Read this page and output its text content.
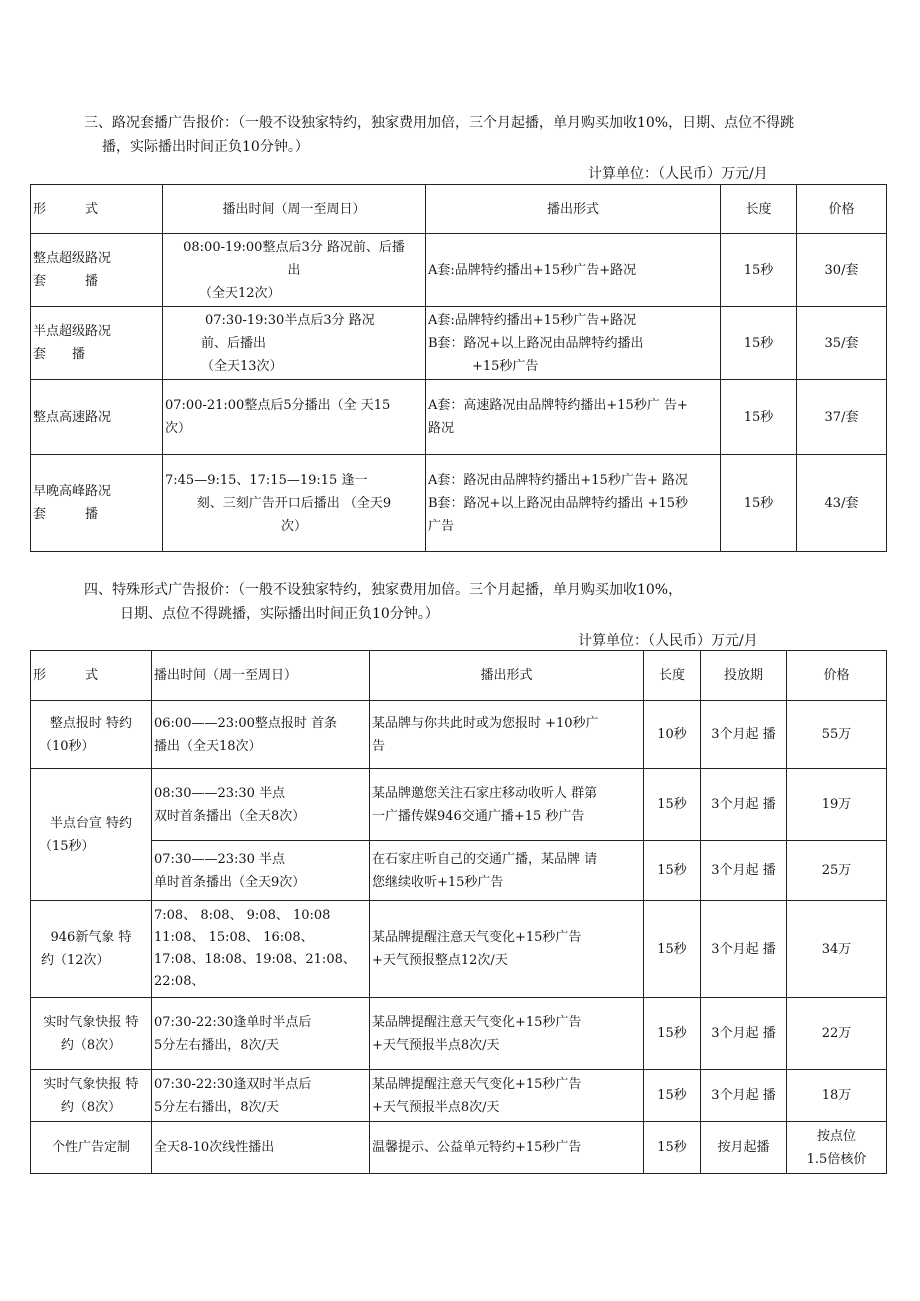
三、路况套播广告报价：（一般不设独家特约，独家费用加倍，三个月起播，单月购买加收10%，日期、点位不得跳
播，实际播出时间正负10分钟。）
计算单位：（人民币）万元/月
形　　　式	播出时间（周一至周日）	播出形式	长度	价格

整点超级路况
套　　　播	08:00-19:00整点后3分 路况前、后播
出
（全天12次）	A套:品牌特约播出+15秒广告+路况	15秒	30/套

半点超级路况
套　　播	07:30-19:30半点后3分 路况
前、后播出
（全天13次）	A套:品牌特约播出+15秒广告+路况
B套：路况+以上路况由品牌特约播出
+15秒广告	15秒	35/套

整点高速路况	07:00-21:00整点后5分播出（全 天15
次）	A套：高速路况由品牌特约播出+15秒广 告+
路况	15秒	37/套

早晚高峰路况
套　　　播	7:45—9:15、17:15—19:15 逢一
刻、三刻广告开口后播出 （全天9
次）	A套：路况由品牌特约播出+15秒广告+ 路况
B套：路况+以上路况由品牌特约播出 +15秒
广告	15秒	43/套
四、特殊形式广告报价：（一般不设独家特约，独家费用加倍。三个月起播，单月购买加收10%，
日期、点位不得跳播，实际播出时间正负10分钟。）
计算单位：（人民币）万元/月
形　　　式	播出时间（周一至周日）	播出形式	长度	投放期	价格

整点报时 特约
（10秒）	06:00——23:00整点报时 首条
播出（全天18次）	某品牌与你共此时或为您报时 +10秒广
告	10秒	3个月起 播	55万

半点台宣 特约
（15秒）	08:30——23:30 半点
双时首条播出（全天8次）	某品牌邀您关注石家庄移动收听人 群第
一广播传媒946交通广播+15 秒广告	15秒	3个月起 播	19万

	07:30——23:30 半点
单时首条播出（全天9次）	在石家庄听自己的交通广播，某品牌 请
您继续收听+15秒广告	15秒	3个月起 播	25万

946新气象 特
约（12次）	7:08、 8:08、 9:08、 10:08
11:08、 15:08、 16:08、
17:08、18:08、19:08、21:08、
22:08、	某品牌提醒注意天气变化+15秒广告
+天气预报整点12次/天	15秒	3个月起 播	34万

实时气象快报 特
约（8次）	07:30-22:30逢单时半点后
5分左右播出，8次/天	某品牌提醒注意天气变化+15秒广告
+天气预报半点8次/天	15秒	3个月起 播	22万

实时气象快报 特
约（8次）	07:30-22:30逢双时半点后
5分左右播出，8次/天	某品牌提醒注意天气变化+15秒广告
+天气预报半点8次/天	15秒	3个月起 播	18万

个性广告定制	全天8-10次线性播出	温馨提示、公益单元特约+15秒广告	15秒	按月起播	按点位
1.5倍核价
